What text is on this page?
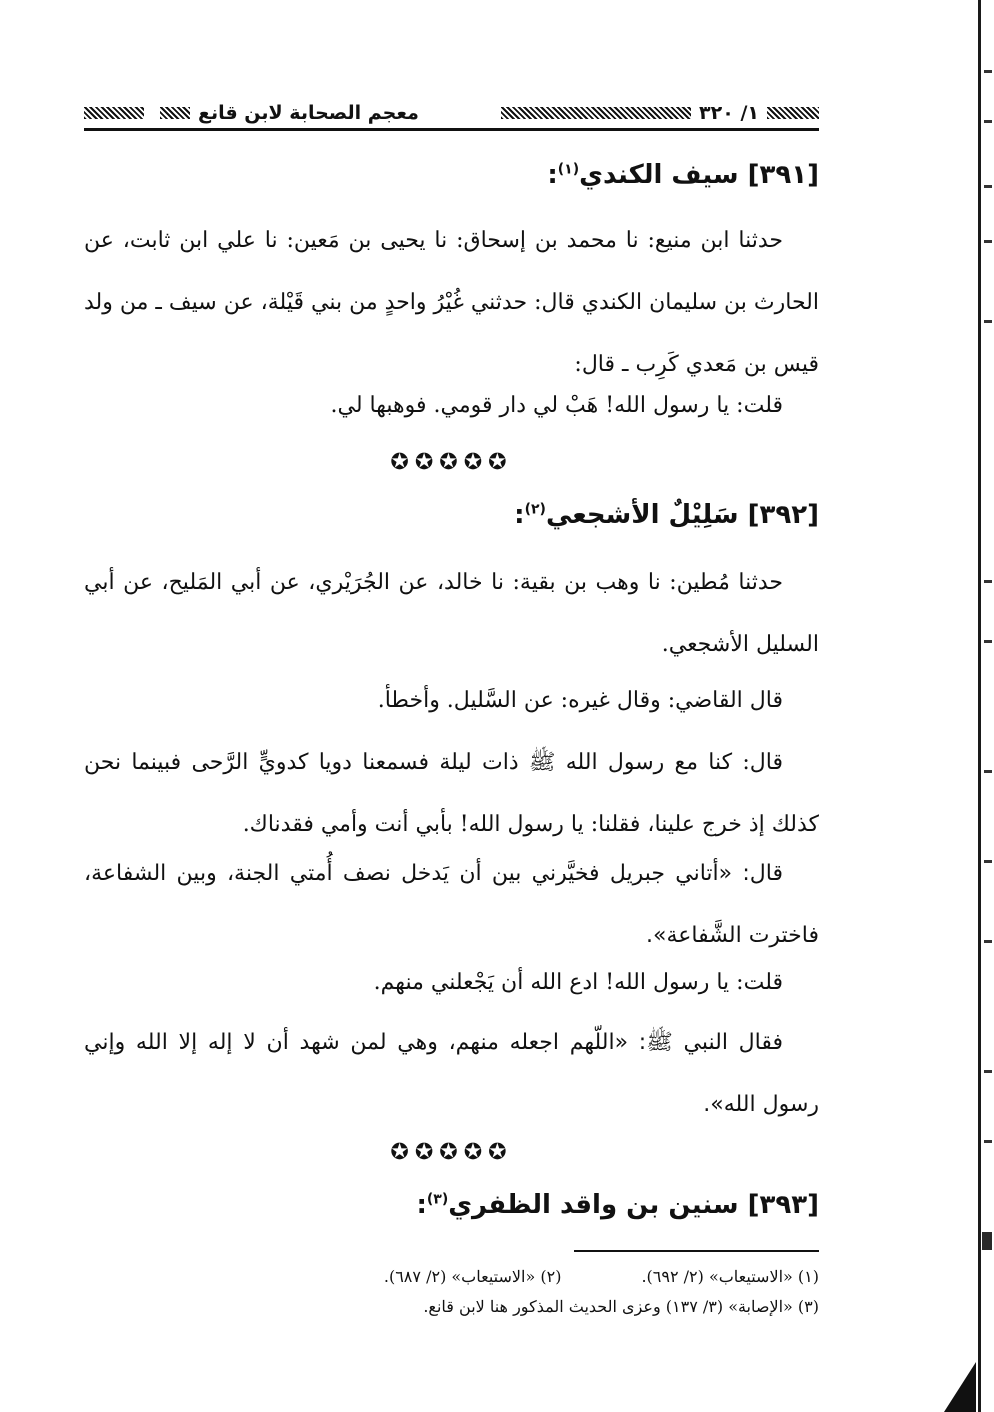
١/ ٣٢٠
معجم الصحابة لابن قانع
[٣٩١] سيف الكندي$^{(١)}$:
حدثنا ابن منيع: نا محمد بن إسحاق: نا يحيى بن مَعين: نا علي ابن ثابت، عن الحارث بن سليمان الكندي قال: حدثني غُيْرُ واحدٍ من بني قَيْلة، عن سيف ـ من ولد قيس بن مَعدي كَرِب ـ قال:
قلت: يا رسول الله! هَبْ لي دار قومي. فوهبها لي.
✪✪✪✪✪
[٣٩٢] سَلِيْلٌ الأشجعي$^{(٢)}$:
حدثنا مُطين: نا وهب بن بقية: نا خالد، عن الجُرَيْري، عن أبي المَليح، عن أبي السليل الأشجعي.
قال القاضي: وقال غيره: عن السَّليل. وأخطأ.
قال: كنا مع رسول الله ﷺ ذات ليلة فسمعنا دويا كدويٍّ الرَّحى فبينما نحن كذلك إذ خرج علينا، فقلنا: يا رسول الله! بأبي أنت وأمي فقدناك.
قال: «أتاني جبريل فخيَّرني بين أن يَدخل نصف أُمتي الجنة، وبين الشفاعة، فاخترت الشَّفاعة».
قلت: يا رسول الله! ادع الله أن يَجْعلني منهم.
فقال النبي ﷺ: «اللّهم اجعله منهم، وهي لمن شهد أن لا إله إلا الله وإني رسول الله».
✪✪✪✪✪
[٣٩٣] سنين بن واقد الظفري$^{(٣)}$:
(١) «الاستيعاب» (٢/ ٦٩٢).
(٢) «الاستيعاب» (٢/ ٦٨٧).
(٣) «الإصابة» (٣/ ١٣٧) وعزى الحديث المذكور هنا لابن قانع.
